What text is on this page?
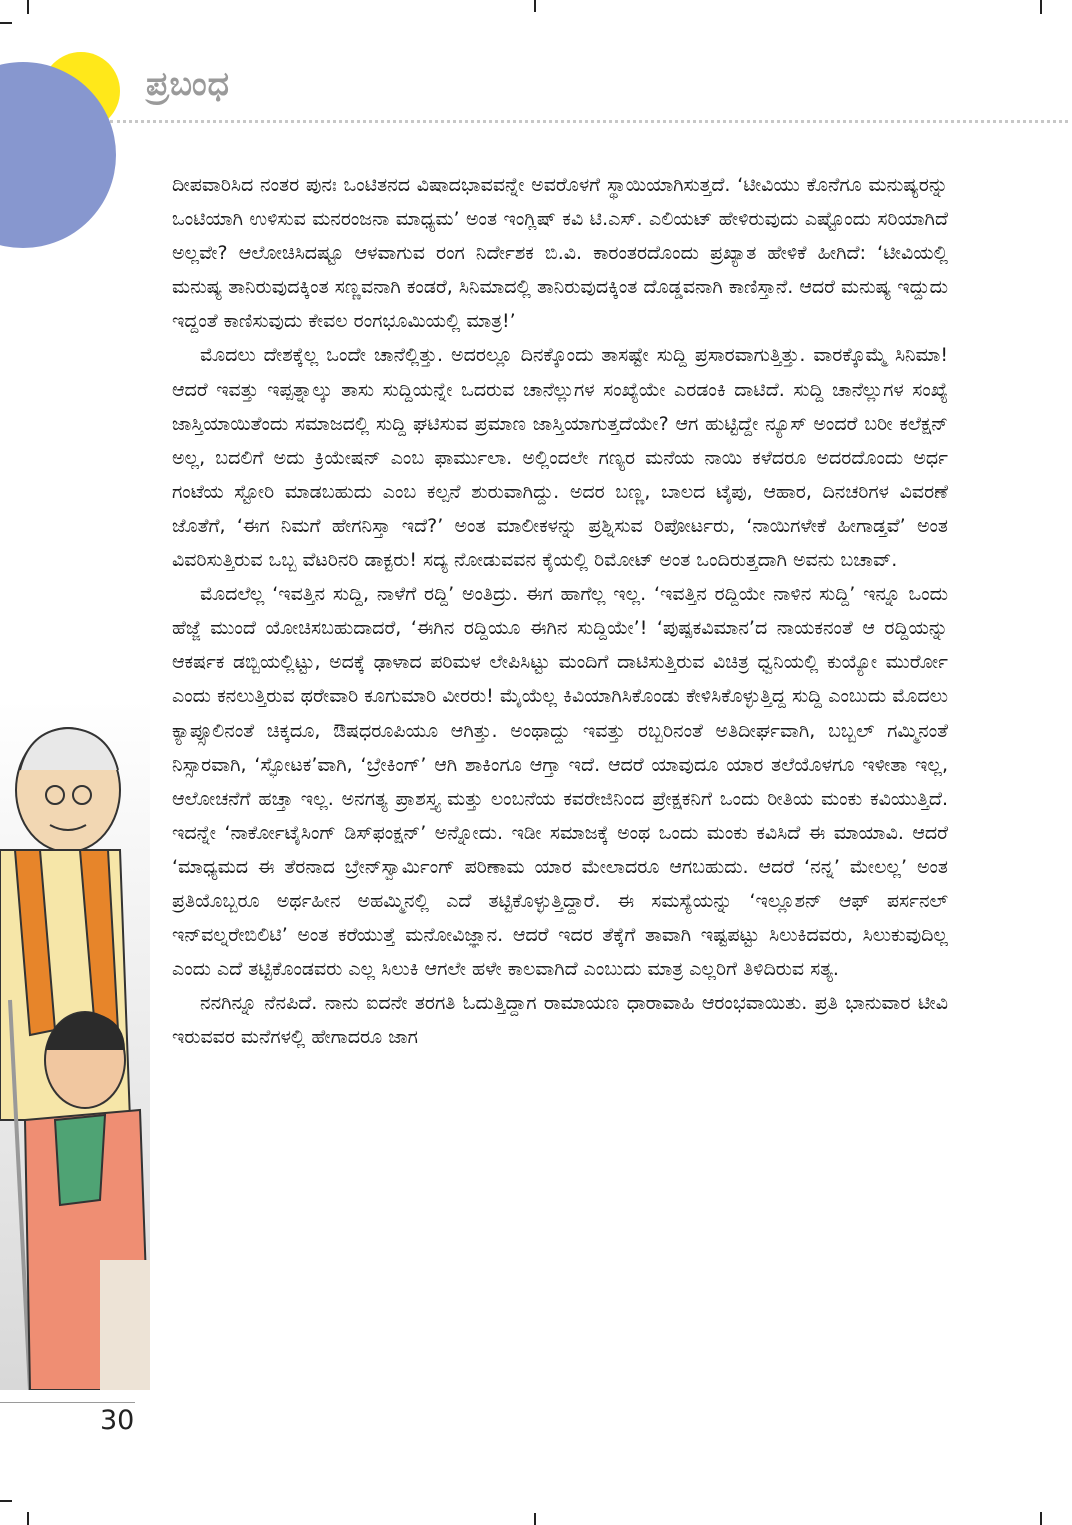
ಪ್ರಬಂಧ

ದೀಪವಾರಿಸಿದ ನಂತರ ಪುನಃ ಒಂಟಿತನದ ವಿಷಾದಭಾವವನ್ನೇ ಅವರೊಳಗೆ ಸ್ಥಾಯಿಯಾಗಿಸುತ್ತದೆ. ‘ಟೀವಿಯು ಕೊನೆಗೂ ಮನುಷ್ಯರನ್ನು ಒಂಟಿಯಾಗಿ ಉಳಿಸುವ ಮನರಂಜನಾ ಮಾಧ್ಯಮ’ ಅಂತ ಇಂಗ್ಲಿಷ್ ಕವಿ ಟಿ.ಎಸ್. ಎಲಿಯಟ್ ಹೇಳಿರುವುದು ಎಷ್ಟೊಂದು ಸರಿಯಾಗಿದೆ ಅಲ್ಲವೇ? ಆಲೋಚಿಸಿದಷ್ಟೂ ಆಳವಾಗುವ ರಂಗ ನಿರ್ದೇಶಕ ಬಿ.ವಿ. ಕಾರಂತರದೊಂದು ಪ್ರಖ್ಯಾತ ಹೇಳಿಕೆ ಹೀಗಿದೆ: ‘ಟೀವಿಯಲ್ಲಿ ಮನುಷ್ಯ ತಾನಿರುವುದಕ್ಕಿಂತ ಸಣ್ಣವನಾಗಿ ಕಂಡರೆ, ಸಿನಿಮಾದಲ್ಲಿ ತಾನಿರುವುದಕ್ಕಿಂತ ದೊಡ್ಡವನಾಗಿ ಕಾಣಿಸ್ತಾನೆ. ಆದರೆ ಮನುಷ್ಯ ಇದ್ದುದು ಇದ್ದಂತೆ ಕಾಣಿಸುವುದು ಕೇವಲ ರಂಗಭೂಮಿಯಲ್ಲಿ ಮಾತ್ರ!’

ಮೊದಲು ದೇಶಕ್ಕೆಲ್ಲ ಒಂದೇ ಚಾನೆಲ್ಲಿತ್ತು. ಅದರಲ್ಲೂ ದಿನಕ್ಕೊಂದು ತಾಸಷ್ಟೇ ಸುದ್ದಿ ಪ್ರಸಾರವಾಗುತ್ತಿತ್ತು. ವಾರಕ್ಕೊಮ್ಮೆ ಸಿನಿಮಾ! ಆದರೆ ಇವತ್ತು ಇಪ್ಪತ್ನಾಲ್ಕು ತಾಸು ಸುದ್ದಿಯನ್ನೇ ಒದರುವ ಚಾನೆಲ್ಲುಗಳ ಸಂಖ್ಯೆಯೇ ಎರಡಂಕಿ ದಾಟಿದೆ. ಸುದ್ದಿ ಚಾನೆಲ್ಲುಗಳ ಸಂಖ್ಯೆ ಜಾಸ್ತಿಯಾಯಿತೆಂದು ಸಮಾಜದಲ್ಲಿ ಸುದ್ದಿ ಘಟಿಸುವ ಪ್ರಮಾಣ ಜಾಸ್ತಿಯಾಗುತ್ತದೆಯೇ? ಆಗ ಹುಟ್ಟಿದ್ದೇ ನ್ಯೂಸ್ ಅಂದರೆ ಬರೀ ಕಲೆಕ್ಷನ್ ಅಲ್ಲ, ಬದಲಿಗೆ ಅದು ಕ್ರಿಯೇಷನ್ ಎಂಬ ಫಾರ್ಮುಲಾ. ಅಲ್ಲಿಂದಲೇ ಗಣ್ಯರ ಮನೆಯ ನಾಯಿ ಕಳೆದರೂ ಅದರದೊಂದು ಅರ್ಧ ಗಂಟೆಯ ಸ್ಟೋರಿ ಮಾಡಬಹುದು ಎಂಬ ಕಲ್ಪನೆ ಶುರುವಾಗಿದ್ದು. ಅದರ ಬಣ್ಣ, ಬಾಲದ ಟೈಪು, ಆಹಾರ, ದಿನಚರಿಗಳ ವಿವರಣೆ ಜೊತೆಗೆ, ‘ಈಗ ನಿಮಗೆ ಹೇಗನಿಸ್ತಾ ಇದೆ?’ ಅಂತ ಮಾಲೀಕಳನ್ನು ಪ್ರಶ್ನಿಸುವ ರಿಪೋರ್ಟರು, ‘ನಾಯಿಗಳೇಕೆ ಹೀಗಾಡ್ತವೆ’ ಅಂತ ವಿವರಿಸುತ್ತಿರುವ ಒಬ್ಬ ವೆಟರಿನರಿ ಡಾಕ್ಟರು! ಸದ್ಯ ನೋಡುವವನ ಕೈಯಲ್ಲಿ ರಿಮೋಟ್ ಅಂತ ಒಂದಿರುತ್ತದಾಗಿ ಅವನು ಬಚಾವ್.

ಮೊದಲೆಲ್ಲ ‘ಇವತ್ತಿನ ಸುದ್ದಿ, ನಾಳೆಗೆ ರದ್ದಿ’ ಅಂತಿದ್ರು. ಈಗ ಹಾಗೆಲ್ಲ ಇಲ್ಲ. ‘ಇವತ್ತಿನ ರದ್ದಿಯೇ ನಾಳಿನ ಸುದ್ದಿ’ ಇನ್ನೂ ಒಂದು ಹೆಜ್ಜೆ ಮುಂದೆ ಯೋಚಿಸಬಹುದಾದರೆ, ‘ಈಗಿನ ರದ್ದಿಯೂ ಈಗಿನ ಸುದ್ದಿಯೇ’! ‘ಪುಷ್ಪಕವಿಮಾನ’ದ ನಾಯಕನಂತೆ ಆ ರದ್ದಿಯನ್ನು ಆಕರ್ಷಕ ಡಬ್ಬಿಯಲ್ಲಿಟ್ಟು, ಅದಕ್ಕೆ ಢಾಳಾದ ಪರಿಮಳ ಲೇಪಿಸಿಟ್ಟು ಮಂದಿಗೆ ದಾಟಿಸುತ್ತಿರುವ ವಿಚಿತ್ರ ಧ್ವನಿಯಲ್ಲಿ ಕುಯ್ಯೋ ಮುರ್ರೋ ಎಂದು ಕನಲುತ್ತಿರುವ ಥರೇವಾರಿ ಕೂಗುಮಾರಿ ವೀರರು! ಮೈಯೆಲ್ಲ ಕಿವಿಯಾಗಿಸಿಕೊಂಡು ಕೇಳಿಸಿಕೊಳ್ಳುತ್ತಿದ್ದ ಸುದ್ದಿ ಎಂಬುದು ಮೊದಲು ಕ್ಯಾಪ್ಸೂಲಿನಂತೆ ಚಿಕ್ಕದೂ, ಔಷಧರೂಪಿಯೂ ಆಗಿತ್ತು. ಅಂಥಾದ್ದು ಇವತ್ತು ರಬ್ಬರಿನಂತೆ ಅತಿದೀರ್ಘವಾಗಿ, ಬಬ್ಬಲ್ ಗಮ್ಮಿನಂತೆ ನಿಸ್ಸಾರವಾಗಿ, ‘ಸ್ಫೋಟಕ’ವಾಗಿ, ‘ಬ್ರೇಕಿಂಗ್’ ಆಗಿ ಶಾಕಿಂಗೂ ಆಗ್ತಾ ಇದೆ. ಆದರೆ ಯಾವುದೂ ಯಾರ ತಲೆಯೊಳಗೂ ಇಳೀತಾ ಇಲ್ಲ, ಆಲೋಚನೆಗೆ ಹಚ್ತಾ ಇಲ್ಲ. ಅನಗತ್ಯ ಪ್ರಾಶಸ್ತ್ಯ ಮತ್ತು ಲಂಬನೆಯ ಕವರೇಜಿನಿಂದ ಪ್ರೇಕ್ಷಕನಿಗೆ ಒಂದು ರೀತಿಯ ಮಂಕು ಕವಿಯುತ್ತಿದೆ. ಇದನ್ನೇ ‘ನಾರ್ಕೋಟೈಸಿಂಗ್ ಡಿಸ್‌ಫಂಕ್ಷನ್’ ಅನ್ನೋದು. ಇಡೀ ಸಮಾಜಕ್ಕೆ ಅಂಥ ಒಂದು ಮಂಕು ಕವಿಸಿದೆ ಈ ಮಾಯಾವಿ. ಆದರೆ ‘ಮಾಧ್ಯಮದ ಈ ತೆರನಾದ ಬ್ರೇನ್‌ಸ್ವಾರ್ಮಿಂಗ್ ಪರಿಣಾಮ ಯಾರ ಮೇಲಾದರೂ ಆಗಬಹುದು. ಆದರೆ ‘ನನ್ನ’ ಮೇಲಲ್ಲ’ ಅಂತ ಪ್ರತಿಯೊಬ್ಬರೂ ಅರ್ಥಹೀನ ಅಹಮ್ಮಿನಲ್ಲಿ ಎದೆ ತಟ್ಟಿಕೊಳ್ಳುತ್ತಿದ್ದಾರೆ. ಈ ಸಮಸ್ಯೆಯನ್ನು ‘ಇಲ್ಲೂಶನ್ ಆಫ್ ಪರ್ಸನಲ್ ಇನ್‌ವಲ್ನರೇಬಿಲಿಟಿ’ ಅಂತ ಕರೆಯುತ್ತೆ ಮನೋವಿಜ್ಞಾನ. ಆದರೆ ಇದರ ತೆಕ್ಕೆಗೆ ತಾವಾಗಿ ಇಷ್ಟಪಟ್ಟು ಸಿಲುಕಿದವರು, ಸಿಲುಕುವುದಿಲ್ಲ ಎಂದು ಎದೆ ತಟ್ಟಿಕೊಂಡವರು ಎಲ್ಲ ಸಿಲುಕಿ ಆಗಲೇ ಹಳೇ ಕಾಲವಾಗಿದೆ ಎಂಬುದು ಮಾತ್ರ ಎಲ್ಲರಿಗೆ ತಿಳಿದಿರುವ ಸತ್ಯ.

ನನಗಿನ್ನೂ ನೆನಪಿದೆ. ನಾನು ಐದನೇ ತರಗತಿ ಓದುತ್ತಿದ್ದಾಗ ರಾಮಾಯಣ ಧಾರಾವಾಹಿ ಆರಂಭವಾಯಿತು. ಪ್ರತಿ ಭಾನುವಾರ ಟೀವಿ ಇರುವವರ ಮನೆಗಳಲ್ಲಿ ಹೇಗಾದರೂ ಜಾಗ

30
